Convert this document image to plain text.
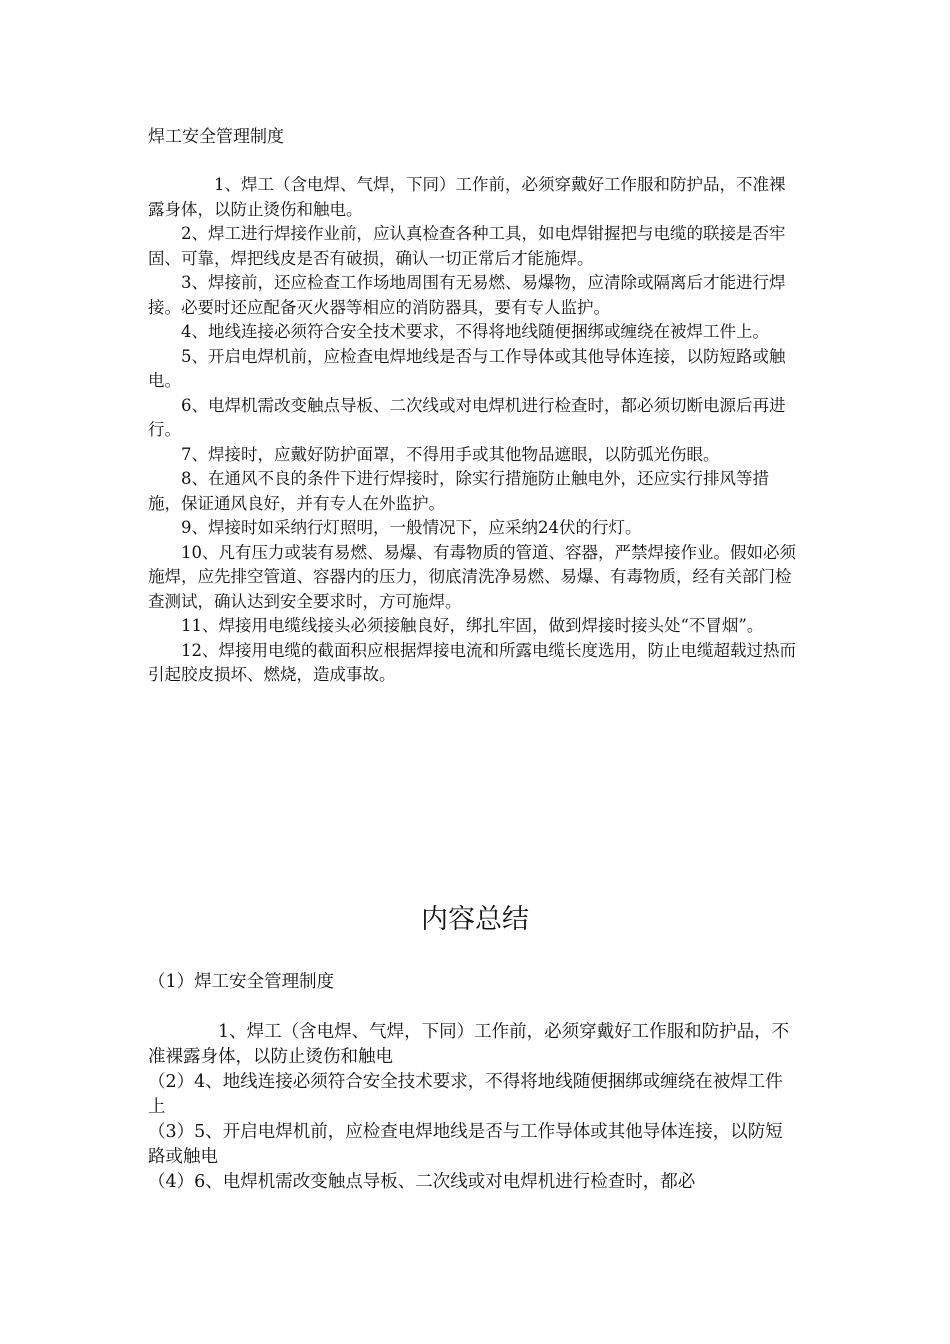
焊工安全管理制度

1、焊工（含电焊、气焊，下同）工作前，必须穿戴好工作服和防护品，不准裸露身体，以防止烫伤和触电。

2、焊工进行焊接作业前，应认真检查各种工具，如电焊钳握把与电缆的联接是否牢固、可靠，焊把线皮是否有破损，确认一切正常后才能施焊。

3、焊接前，还应检查工作场地周围有无易燃、易爆物，应清除或隔离后才能进行焊接。必要时还应配备灭火器等相应的消防器具，要有专人监护。

4、地线连接必须符合安全技术要求，不得将地线随便捆绑或缠绕在被焊工件上。

5、开启电焊机前，应检查电焊地线是否与工作导体或其他导体连接，以防短路或触电。

6、电焊机需改变触点导板、二次线或对电焊机进行检查时，都必须切断电源后再进行。

7、焊接时，应戴好防护面罩，不得用手或其他物品遮眼，以防弧光伤眼。

8、在通风不良的条件下进行焊接时，除实行措施防止触电外，还应实行排风等措施，保证通风良好，并有专人在外监护。

9、焊接时如采纳行灯照明，一般情况下，应采纳24伏的行灯。

10、凡有压力或装有易燃、易爆、有毒物质的管道、容器，严禁焊接作业。假如必须施焊，应先排空管道、容器内的压力，彻底清洗净易燃、易爆、有毒物质，经有关部门检查测试，确认达到安全要求时，方可施焊。

11、焊接用电缆线接头必须接触良好，绑扎牢固，做到焊接时接头处“不冒烟”。

12、焊接用电缆的截面积应根据焊接电流和所露电缆长度选用，防止电缆超载过热而引起胶皮损坏、燃烧，造成事故。

内容总结

（1）焊工安全管理制度

1、焊工（含电焊、气焊，下同）工作前，必须穿戴好工作服和防护品，不准裸露身体，以防止烫伤和触电

（2）4、地线连接必须符合安全技术要求，不得将地线随便捆绑或缠绕在被焊工件上

（3）5、开启电焊机前，应检查电焊地线是否与工作导体或其他导体连接，以防短路或触电

（4）6、电焊机需改变触点导板、二次线或对电焊机进行检查时，都必
